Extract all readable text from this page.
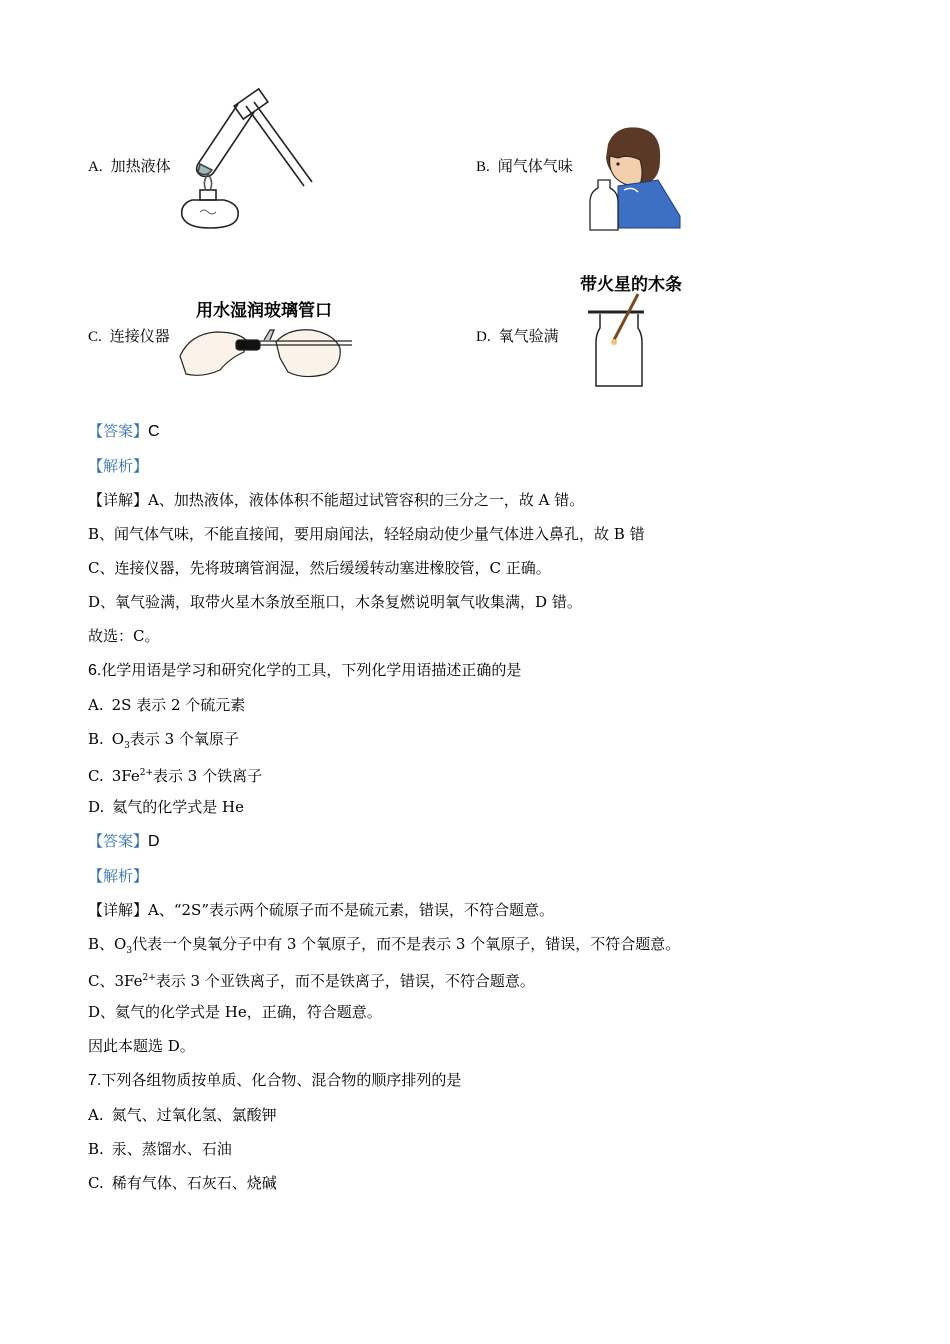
A. 加热液体	B. 闻气体气味
C. 连接仪器	D. 氧气验满
用水湿润玻璃管口
带火星的木条
【答案】C
【解析】
【详解】A、加热液体，液体体积不能超过试管容积的三分之一，故 A 错。
B、闻气体气味，不能直接闻，要用扇闻法，轻轻扇动使少量气体进入鼻孔，故 B 错
C、连接仪器，先将玻璃管润湿，然后缓缓转动塞进橡胶管，C 正确。
D、氧气验满，取带火星木条放至瓶口，木条复燃说明氧气收集满，D 错。
故选：C。
6.化学用语是学习和研究化学的工具，下列化学用语描述正确的是
A. 2S 表示 2 个硫元素
B. $O_3$表示 3 个氧原子
C. $3Fe^{2+}$表示 3 个铁离子
D. 氦气的化学式是 He
【答案】D
【解析】
【详解】A、“2S”表示两个硫原子而不是硫元素，错误，不符合题意。
B、$O_3$代表一个臭氧分子中有 3 个氧原子，而不是表示 3 个氧原子，错误，不符合题意。
C、$3Fe^{2+}$表示 3 个亚铁离子，而不是铁离子，错误，不符合题意。
D、氦气的化学式是 He，正确，符合题意。
因此本题选 D。
7.下列各组物质按单质、化合物、混合物的顺序排列的是
A. 氮气、过氧化氢、氯酸钾
B. 汞、蒸馏水、石油
C. 稀有气体、石灰石、烧碱
